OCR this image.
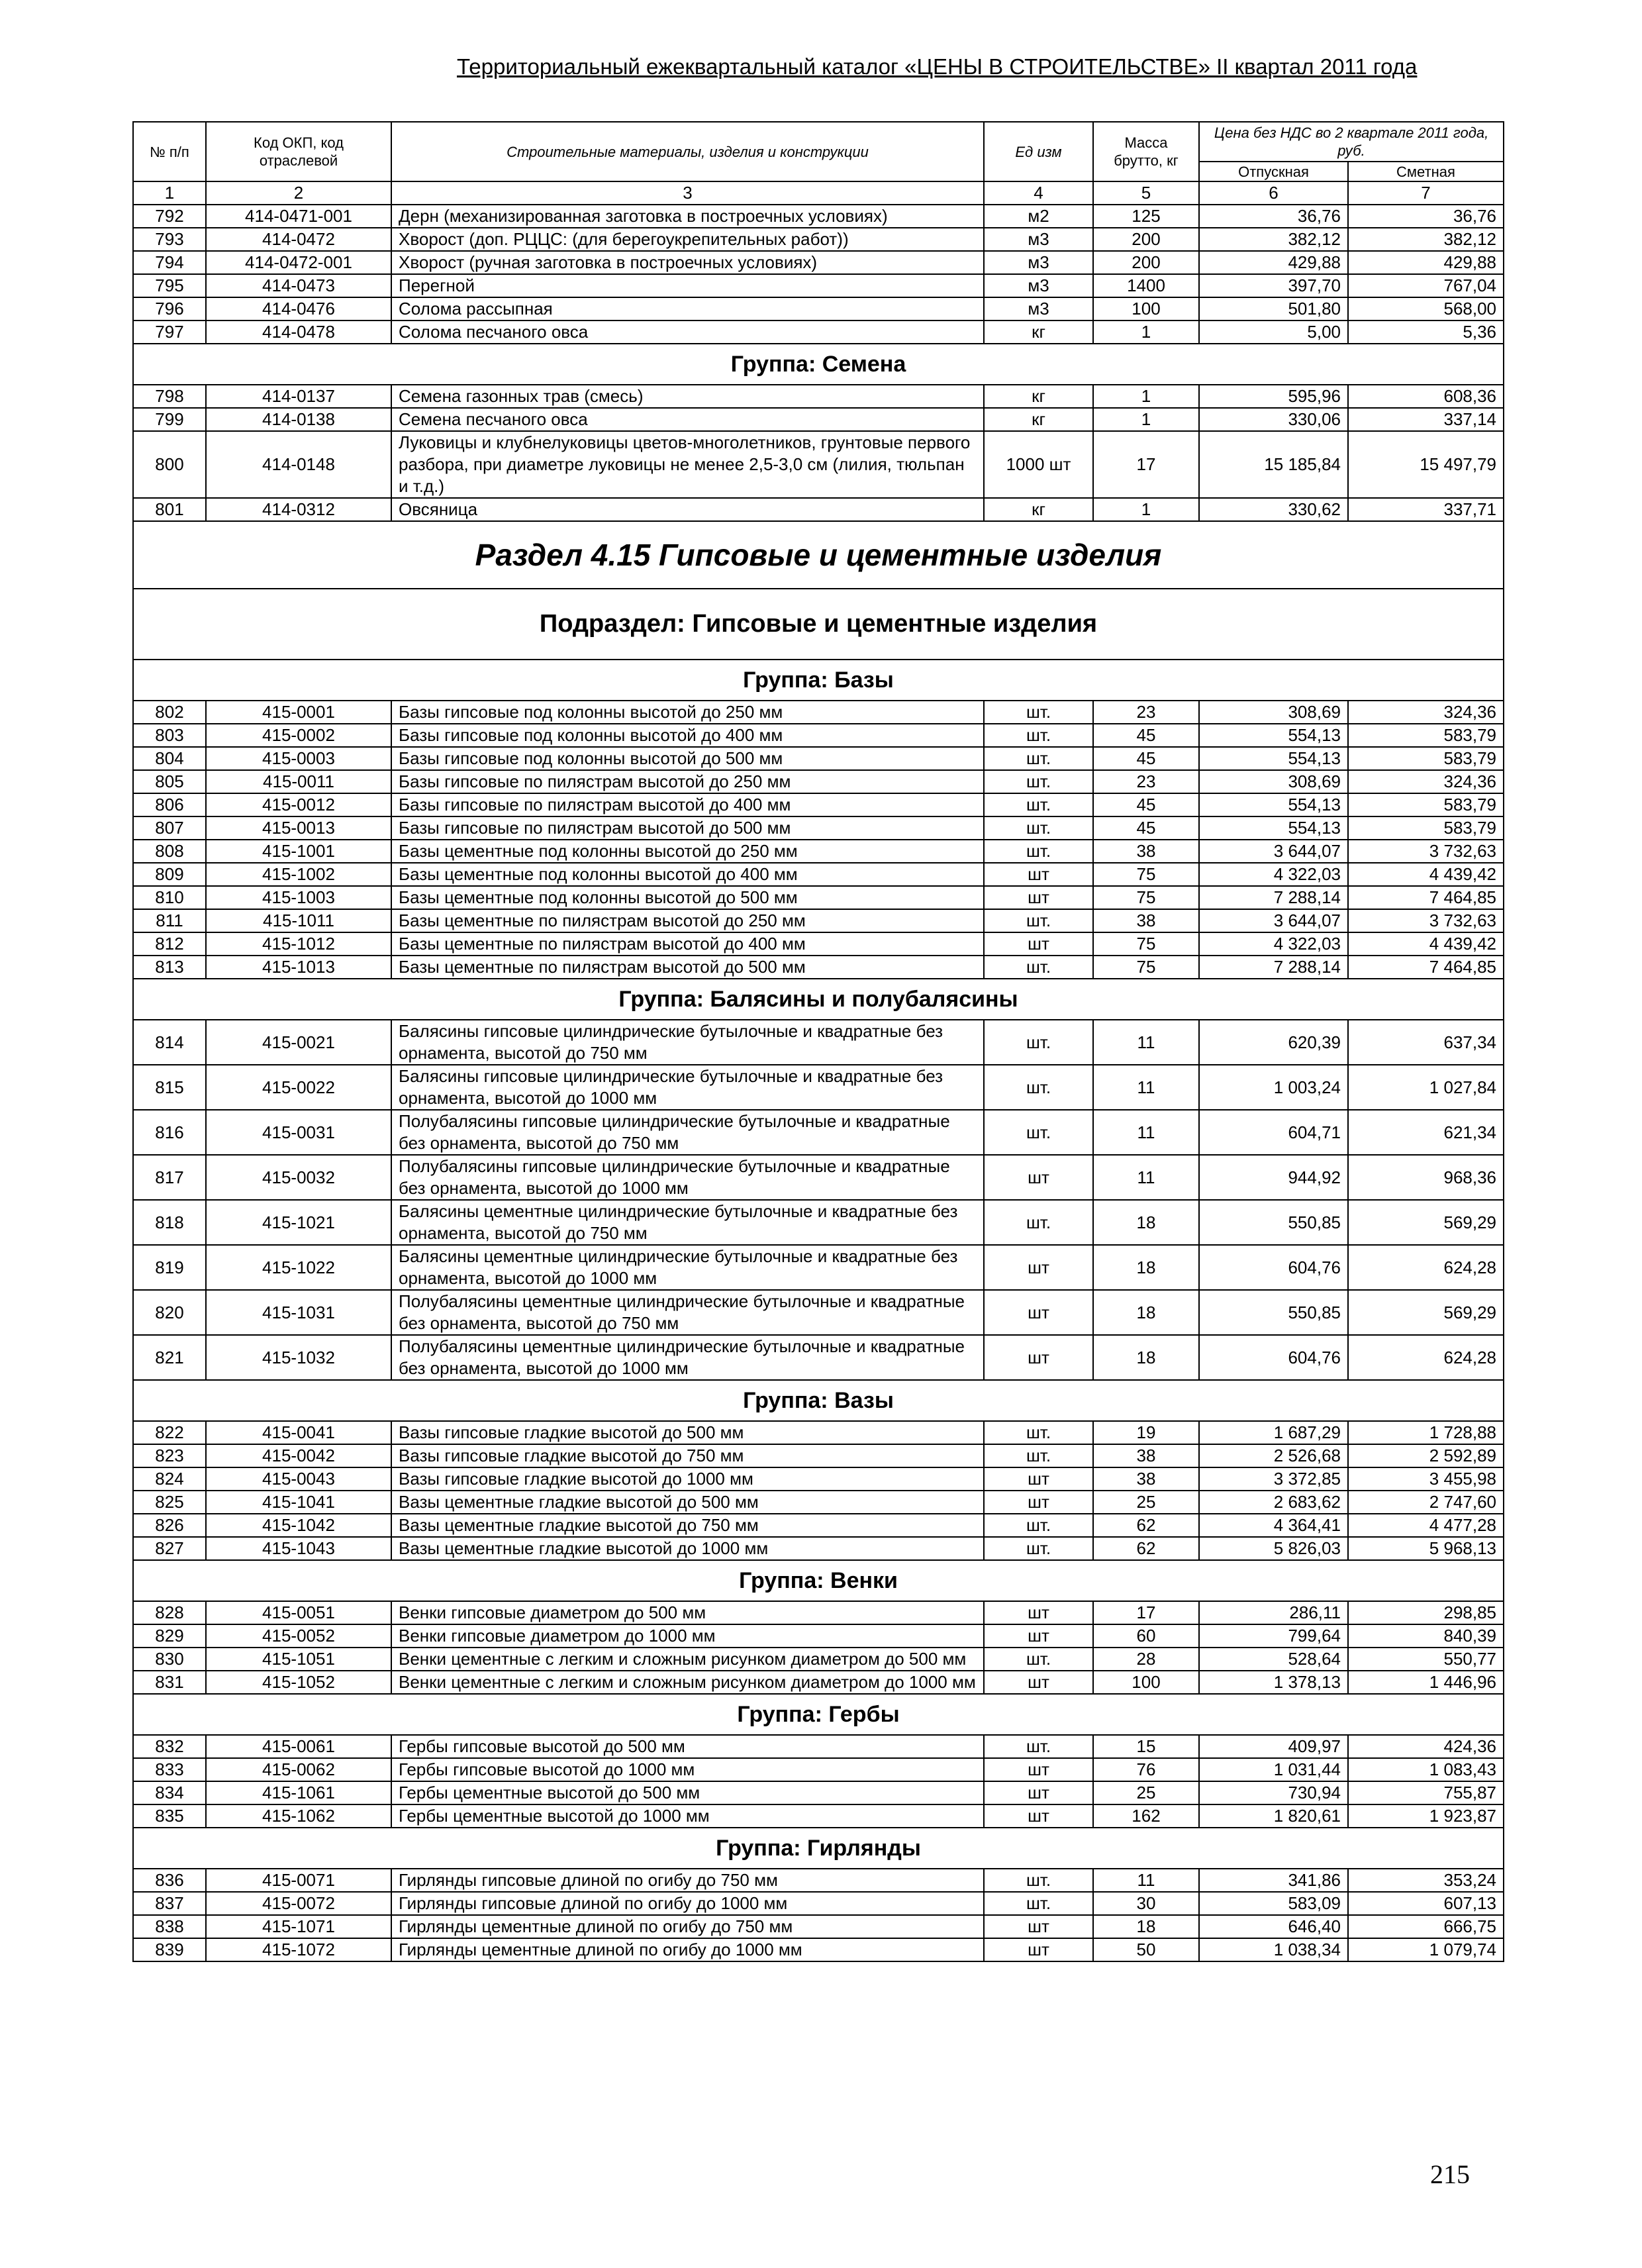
Территориальный ежеквартальный каталог «ЦЕНЫ В СТРОИТЕЛЬСТВЕ» II квартал 2011 года
№ п/п	Код ОКП, код отраслевой	Строительные материалы, изделия и конструкции	Ед изм	Масса брутто, кг	Цена без НДС во 2 квартале 2011 года, руб.	
					Отпускная	Сметная
1	2	3	4	5	6	7
792	414-0471-001	Дерн (механизированная заготовка в построечных условиях)	м2	125	36,76	36,76
793	414-0472	Хворост (доп. РЦЦС: (для берегоукрепительных работ))	м3	200	382,12	382,12
794	414-0472-001	Хворост (ручная заготовка в построечных условиях)	м3	200	429,88	429,88
795	414-0473	Перегной	м3	1400	397,70	767,04
796	414-0476	Солома рассыпная	м3	100	501,80	568,00
797	414-0478	Солома песчаного овса	кг	1	5,00	5,36
Группа: Семена						
798	414-0137	Семена газонных трав (смесь)	кг	1	595,96	608,36
799	414-0138	Семена песчаного овса	кг	1	330,06	337,14
800	414-0148	Луковицы и клубнелуковицы цветов-многолетников, грунтовые первого разбора, при диаметре луковицы не менее 2,5-3,0 см (лилия, тюльпан и т.д.)	1000 шт	17	15 185,84	15 497,79
801	414-0312	Овсяница	кг	1	330,62	337,71
Раздел 4.15 Гипсовые и цементные изделия						
Подраздел: Гипсовые и цементные изделия						
Группа: Базы						
802	415-0001	Базы гипсовые под колонны высотой до 250 мм	шт.	23	308,69	324,36
803	415-0002	Базы гипсовые под колонны высотой до 400 мм	шт.	45	554,13	583,79
804	415-0003	Базы гипсовые под колонны высотой до 500 мм	шт.	45	554,13	583,79
805	415-0011	Базы гипсовые по пилястрам высотой до 250 мм	шт.	23	308,69	324,36
806	415-0012	Базы гипсовые по пилястрам высотой до 400 мм	шт.	45	554,13	583,79
807	415-0013	Базы гипсовые по пилястрам высотой до 500 мм	шт.	45	554,13	583,79
808	415-1001	Базы цементные под колонны высотой до 250 мм	шт.	38	3 644,07	3 732,63
809	415-1002	Базы цементные под колонны высотой до 400 мм	шт	75	4 322,03	4 439,42
810	415-1003	Базы цементные под колонны высотой до 500 мм	шт	75	7 288,14	7 464,85
811	415-1011	Базы цементные по пилястрам высотой до 250 мм	шт.	38	3 644,07	3 732,63
812	415-1012	Базы цементные по пилястрам высотой до 400 мм	шт	75	4 322,03	4 439,42
813	415-1013	Базы цементные по пилястрам высотой до 500 мм	шт.	75	7 288,14	7 464,85
Группа: Балясины и полубалясины						
814	415-0021	Балясины гипсовые цилиндрические бутылочные и квадратные без орнамента, высотой до 750 мм	шт.	11	620,39	637,34
815	415-0022	Балясины гипсовые цилиндрические бутылочные и квадратные без орнамента, высотой до 1000 мм	шт.	11	1 003,24	1 027,84
816	415-0031	Полубалясины гипсовые цилиндрические бутылочные и квадратные без орнамента, высотой до 750 мм	шт.	11	604,71	621,34
817	415-0032	Полубалясины гипсовые цилиндрические бутылочные и квадратные без орнамента, высотой до 1000 мм	шт	11	944,92	968,36
818	415-1021	Балясины цементные цилиндрические бутылочные и квадратные без орнамента, высотой до 750 мм	шт.	18	550,85	569,29
819	415-1022	Балясины цементные цилиндрические бутылочные и квадратные без орнамента, высотой до 1000 мм	шт	18	604,76	624,28
820	415-1031	Полубалясины цементные цилиндрические бутылочные и квадратные без орнамента, высотой до 750 мм	шт	18	550,85	569,29
821	415-1032	Полубалясины цементные цилиндрические бутылочные и квадратные без орнамента, высотой до 1000 мм	шт	18	604,76	624,28
Группа: Вазы						
822	415-0041	Вазы гипсовые гладкие высотой до 500 мм	шт.	19	1 687,29	1 728,88
823	415-0042	Вазы гипсовые гладкие высотой до 750 мм	шт.	38	2 526,68	2 592,89
824	415-0043	Вазы гипсовые гладкие высотой до 1000 мм	шт	38	3 372,85	3 455,98
825	415-1041	Вазы цементные гладкие высотой до 500 мм	шт	25	2 683,62	2 747,60
826	415-1042	Вазы цементные гладкие высотой до 750 мм	шт.	62	4 364,41	4 477,28
827	415-1043	Вазы цементные гладкие высотой до 1000 мм	шт.	62	5 826,03	5 968,13
Группа: Венки						
828	415-0051	Венки гипсовые диаметром до 500 мм	шт	17	286,11	298,85
829	415-0052	Венки гипсовые диаметром до 1000 мм	шт	60	799,64	840,39
830	415-1051	Венки цементные с легким и сложным рисунком диаметром до 500 мм	шт.	28	528,64	550,77
831	415-1052	Венки цементные с легким и сложным рисунком диаметром до 1000 мм	шт	100	1 378,13	1 446,96
Группа: Гербы						
832	415-0061	Гербы гипсовые высотой до 500 мм	шт.	15	409,97	424,36
833	415-0062	Гербы гипсовые высотой до 1000 мм	шт	76	1 031,44	1 083,43
834	415-1061	Гербы цементные высотой до 500 мм	шт	25	730,94	755,87
835	415-1062	Гербы цементные высотой до 1000 мм	шт	162	1 820,61	1 923,87
Группа: Гирлянды						
836	415-0071	Гирлянды гипсовые длиной по огибу до 750 мм	шт.	11	341,86	353,24
837	415-0072	Гирлянды гипсовые длиной по огибу до 1000 мм	шт.	30	583,09	607,13
838	415-1071	Гирлянды цементные длиной по огибу до 750 мм	шт	18	646,40	666,75
839	415-1072	Гирлянды цементные длиной по огибу до 1000 мм	шт	50	1 038,34	1 079,74
215
